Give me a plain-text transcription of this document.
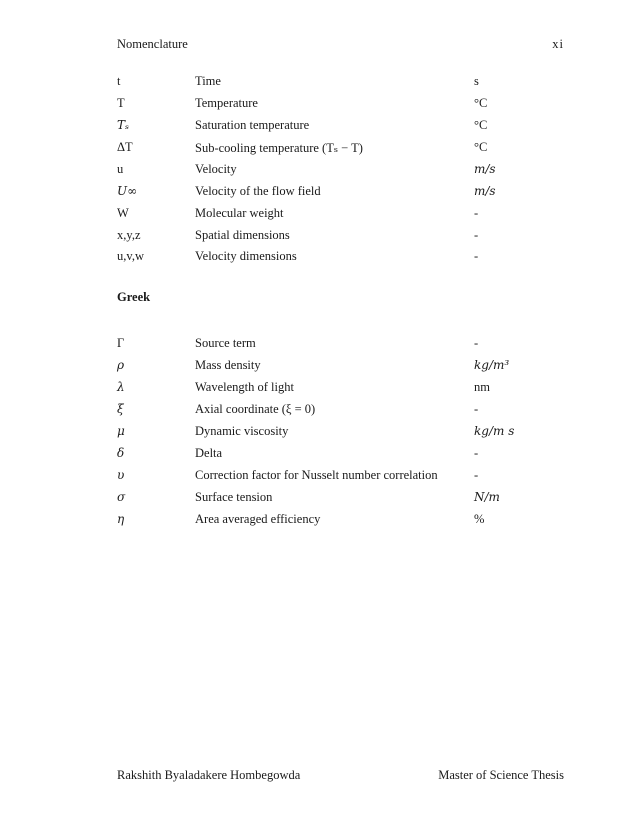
Nomenclature	xi
t	Time	s
T	Temperature	°C
Tₛ	Saturation temperature	°C
ΔT	Sub-cooling temperature (Tₛ − T)	°C
u	Velocity	m/s
U∞	Velocity of the flow field	m/s
W	Molecular weight	-
x,y,z	Spatial dimensions	-
u,v,w	Velocity dimensions	-
Greek
Γ	Source term	-
ρ	Mass density	kg/m³
λ	Wavelength of light	nm
ξ	Axial coordinate (ξ = 0)	-
μ	Dynamic viscosity	kg/m s
δ	Delta	-
υ	Correction factor for Nusselt number correlation	-
σ	Surface tension	N/m
η	Area averaged efficiency	%
Rakshith Byaladakere Hombegowda	Master of Science Thesis
